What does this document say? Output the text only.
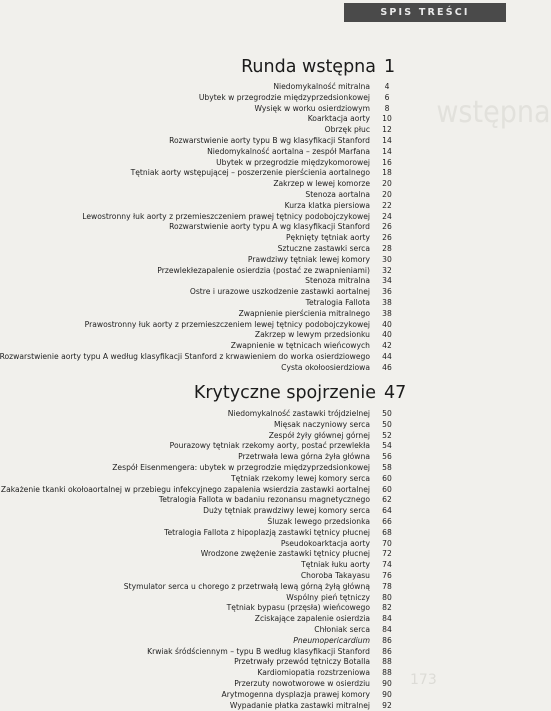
wstępna
173
SPIS TREŚCI
Runda wstępna 1
Niedomykalność mitralna	4
Ubytek w przegrodzie międzyprzedsionkowej	6
Wysięk w worku osierdziowym	8
Koarktacja aorty	10
Obrzęk płuc	12
Rozwarstwienie aorty typu B wg klasyfikacji Stanford	14
Niedomykalność aortalna – zespół Marfana	14
Ubytek w przegrodzie międzykomorowej	16
Tętniak aorty wstępującej – poszerzenie pierścienia aortalnego	18
Zakrzep w lewej komorze	20
Stenoza aortalna	20
Kurza klatka piersiowa	22
Lewostronny łuk aorty z przemieszczeniem prawej tętnicy podobojczykowej	24
Rozwarstwienie aorty typu A wg klasyfikacji Stanford	26
Pęknięty tętniak aorty	26
Sztuczne zastawki serca	28
Prawdziwy tętniak lewej komory	30
Przewlekłezapalenie osierdzia (postać ze zwapnieniami)	32
Stenoza mitralna	34
Ostre i urazowe uszkodzenie zastawki aortalnej	36
Tetralogia Fallota	38
Zwapnienie pierścienia mitralnego	38
Prawostronny łuk aorty z przemieszczeniem lewej tętnicy podobojczykowej	40
Zakrzep w lewym przedsionku	40
Zwapnienie w tętnicach wieńcowych	42
Rozwarstwienie aorty typu A według klasyfikacji Stanford z krwawieniem do worka osierdziowego	44
Cysta okołoosierdziowa	46
Krytyczne spojrzenie 47
Niedomykalność zastawki trójdzielnej	50
Mięsak naczyniowy serca	50
Zespół żyły głównej górnej	52
Pourazowy tętniak rzekomy aorty, postać przewlekła	54
Przetrwała lewa górna żyła główna	56
Zespół Eisenmengera: ubytek w przegrodzie międzyprzedsionkowej	58
Tętniak rzekomy lewej komory serca	60
Zakażenie tkanki okołoaortalnej w przebiegu infekcyjnego zapalenia wsierdzia zastawki aortalnej	60
Tetralogia Fallota w badaniu rezonansu magnetycznego	62
Duży tętniak prawdziwy lewej komory serca	64
Śluzak lewego przedsionka	66
Tetralogia Fallota z hipoplazją zastawki tętnicy płucnej	68
Pseudokoarktacja aorty	70
Wrodzone zwężenie zastawki tętnicy płucnej	72
Tętniak łuku aorty	74
Choroba Takayasu	76
Stymulator serca u chorego z przetrwałą lewą górną żyłą główną	78
Wspólny pień tętniczy	80
Tętniak bypasu (przęsła) wieńcowego	82
Zciskające zapalenie osierdzia	84
Chłoniak serca	84
Pneumopericardium	86
Krwiak śródściennym – typu B według klasyfikacji Stanford	86
Przetrwały przewód tętniczy Botalla	88
Kardiomiopatia rozstrzeniowa	88
Przerzuty nowotworowe w osierdziu	90
Arytmogenna dysplazja prawej komory	90
Wypadanie płatka zastawki mitralnej	92
